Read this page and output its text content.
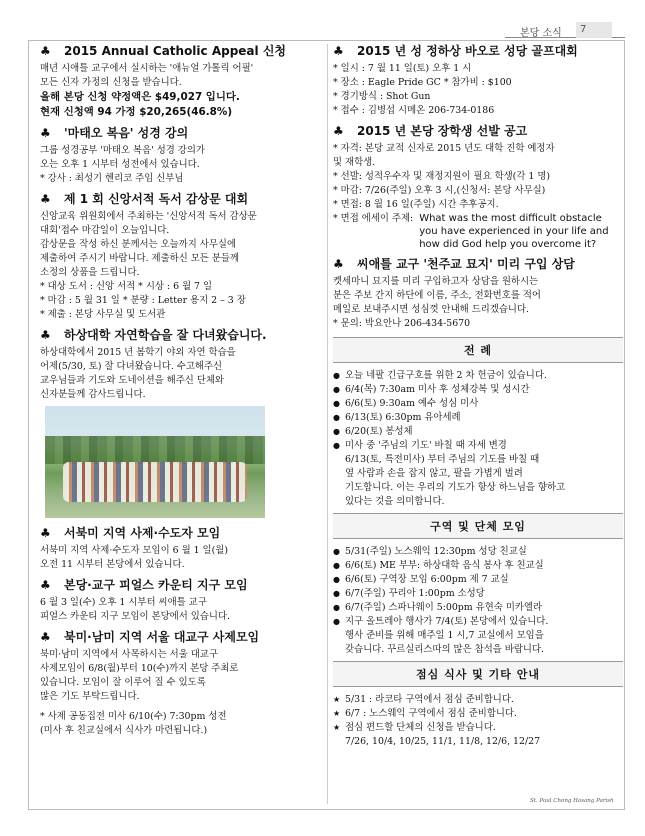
본당 소식	7
♣ 2015 Annual Catholic Appeal 신청
매년 시애틀 교구에서 실시하는 '애뉴얼 가톨릭 어필'
모든 신자 가정의 신청을 받습니다.
올해 본당 신청 약정액은 $49,027 입니다.
현재 신청액 94 가정 $20,265(46.8%)
♣ '마태오 복음' 성경 강의
그룹 성경공부 '마태오 복음' 성경 강의가
오는 오후 1 시부터 성전에서 있습니다.
* 강사 : 최성기 헨리코 주임 신부님
♣ 제 1 회 신앙서적 독서 감상문 대회
신앙교육 위원회에서 주최하는 '신앙서적 독서 감상문
대회'접수 마감일이 오늘입니다.
감상문을 작성 하신 분께서는 오늘까지 사무실에
제출하여 주시기 바랍니다. 제출하신 모든 분들께
소정의 상품을 드립니다.
* 대상 도서 : 신앙 서적 * 시상 : 6 월 7 일
* 마감 : 5 월 31 일 * 분량 : Letter 용지 2 – 3 장
* 제출 : 본당 사무실 및 도서관
♣ 하상대학 자연학습을 잘 다녀왔습니다.
하상대학에서 2015 년 봄학기 야외 자연 학습을
어제(5/30, 토) 잘 다녀왔습니다. 수고해주신
교우님들과 기도와 도네이션을 해주신 단체와
신자분들께 감사드립니다.
♣ 서북미 지역 사제·수도자 모임
서북미 지역 사제·수도자 모임이 6 월 1 일(월)
오전 11 시부터 본당에서 있습니다.
♣ 본당·교구 피얼스 카운티 지구 모임
6 월 3 일(수) 오후 1 시부터 씨애틀 교구
피얼스 카운티 지구 모임이 본당에서 있습니다.
♣ 북미·남미 지역 서울 대교구 사제모임
북미·남미 지역에서 사목하시는 서울 대교구
사제모임이 6/8(월)부터 10(수)까지 본당 주최로
있습니다. 모임이 잘 이루어 질 수 있도록
많은 기도 부탁드립니다.
* 사제 공동집전 미사 6/10(수) 7:30pm 성전
(미사 후 친교실에서 식사가 마련됩니다.)
♣ 2015 년 성 정하상 바오로 성당 골프대회
* 일시 : 7 월 11 일(토) 오후 1 시
* 장소 : Eagle Pride GC * 참가비 : $100
* 경기방식 : Shot Gun
* 접수 : 김병섭 시메온 206-734-0186
♣ 2015 년 본당 장학생 선발 공고
* 자격: 본당 교적 신자로 2015 년도 대학 진학 예정자
및 재학생.
* 선발: 성적우수자 및 재정지원이 필요 학생(각 1 명)
* 마감: 7/26(주일) 오후 3 시,(신청서: 본당 사무실)
* 면접: 8 월 16 일(주일) 시간 추후공지.
* 면접 에세이 주제: What was the most difficult obstacle you have experienced in your life and how did God help you overcome it?
♣ 씨애틀 교구 '천주교 묘지' 미리 구입 상담
켓세마니 묘지를 미리 구입하고자 상담을 원하시는
분은 주보 간지 하단에 이름, 주소, 전화번호를 적어
메일로 보내주시면 성심껏 안내해 드리겠습니다.
* 문의: 박요안나 206-434-5670
전 례
● 오늘 네팔 긴급구호를 위한 2 차 헌금이 있습니다.
● 6/4(목) 7:30am 미사 후 성체강복 및 성시간
● 6/6(토) 9:30am 예수 성심 미사
● 6/13(토) 6:30pm 유아세례
● 6/20(토) 봉성체
● 미사 중 '주님의 기도' 바칠 때 자세 변경
6/13(토, 특전미사) 부터 주님의 기도를 바칠 때
옆 사람과 손을 잡지 않고, 팔을 가볍게 벌려
기도합니다. 이는 우리의 기도가 항상 하느님을 향하고
있다는 것을 의미합니다.
구역 및 단체 모임
● 5/31(주일) 노스웨익 12:30pm 성당 친교실
● 6/6(토) ME 부부: 하상대학 음식 봉사 후 친교실
● 6/6(토) 구역장 모임 6:00pm 제 7 교실
● 6/7(주일) 꾸리아 1:00pm 소성당
● 6/7(주일) 스파나웨이 5:00pm 유현숙 미카엘라
● 지구 올트레아 행사가 7/4(토) 본당에서 있습니다.
행사 준비를 위해 매주일 1 시,7 교실에서 모임을
갖습니다. 꾸르실리스따의 많은 참석을 바랍니다.
점심 식사 및 기타 안내
★ 5/31 : 라코타 구역에서 점심 준비합니다.
★ 6/7 : 노스웨익 구역에서 점심 준비합니다.
★ 점심 편드할 단체의 신청을 받습니다.
7/26, 10/4, 10/25, 11/1, 11/8, 12/6, 12/27
St. Paul Chong Hasang Parish
